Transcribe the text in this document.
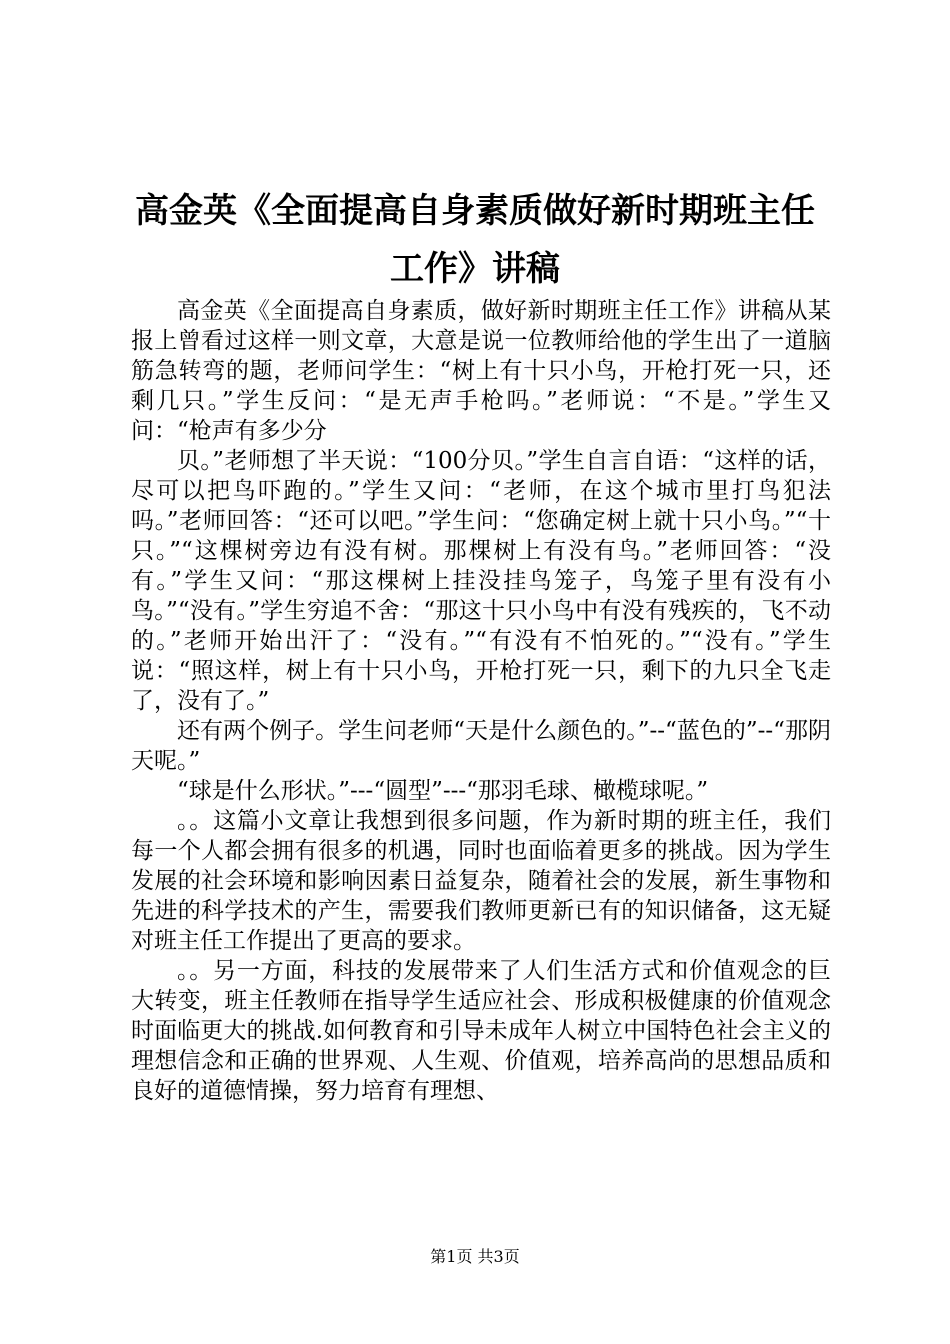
高金英《全面提高自身素质做好新时期班主任
工作》讲稿

高金英《全面提高自身素质，做好新时期班主任工作》讲稿从某报上曾看过这样一则文章，大意是说一位教师给他的学生出了一道脑筋急转弯的题，老师问学生：“树上有十只小鸟，开枪打死一只，还剩几只。”学生反问：“是无声手枪吗。”老师说：“不是。”学生又问：“枪声有多少分

贝。”老师想了半天说：“100分贝。”学生自言自语：“这样的话，尽可以把鸟吓跑的。”学生又问：“老师，在这个城市里打鸟犯法吗。”老师回答：“还可以吧。”学生问：“您确定树上就十只小鸟。”“十只。”“这棵树旁边有没有树。那棵树上有没有鸟。”老师回答：“没有。”学生又问：“那这棵树上挂没挂鸟笼子，鸟笼子里有没有小鸟。”“没有。”学生穷追不舍：“那这十只小鸟中有没有残疾的，飞不动的。”老师开始出汗了：“没有。”“有没有不怕死的。”“没有。”学生说：“照这样，树上有十只小鸟，开枪打死一只，剩下的九只全飞走了，没有了。”

还有两个例子。学生问老师“天是什么颜色的。”--“蓝色的”--“那阴天呢。”

“球是什么形状。”---“圆型”---“那羽毛球、橄榄球呢。”

。。这篇小文章让我想到很多问题，作为新时期的班主任，我们每一个人都会拥有很多的机遇，同时也面临着更多的挑战。因为学生发展的社会环境和影响因素日益复杂，随着社会的发展，新生事物和先进的科学技术的产生，需要我们教师更新已有的知识储备，这无疑对班主任工作提出了更高的要求。

。。另一方面，科技的发展带来了人们生活方式和价值观念的巨大转变，班主任教师在指导学生适应社会、形成积极健康的价值观念时面临更大的挑战.如何教育和引导未成年人树立中国特色社会主义的理想信念和正确的世界观、人生观、价值观，培养高尚的思想品质和良好的道德情操，努力培育有理想、

第1页 共3页
